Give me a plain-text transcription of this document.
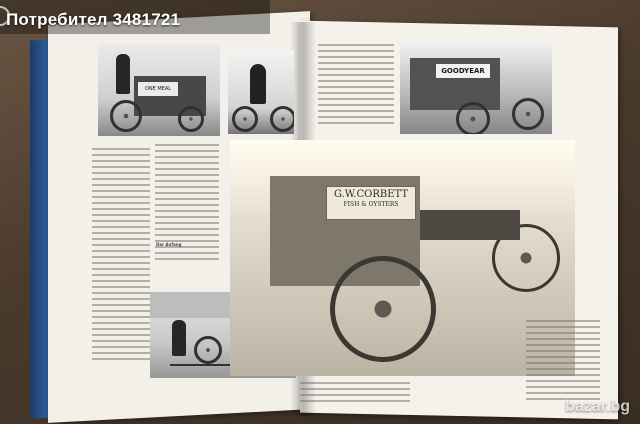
ONE MEAL
GOODYEAR
G.W.CORBETT
FISH & OYSTERS
Der Anfang
Потребител 3481721
bazar.bg
